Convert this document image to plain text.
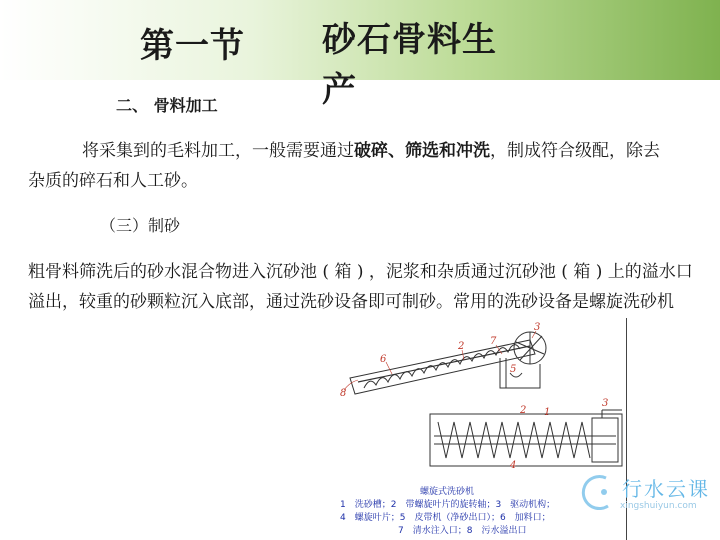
第一节 砂石骨料生产
二、 骨料加工
将采集到的毛料加工，一般需要通过破碎、筛选和冲洗，制成符合级配，除去杂质的碎石和人工砂。
（三）制砂
粗骨料筛洗后的砂水混合物进入沉砂池 ( 箱 ) ，泥浆和杂质通过沉砂池 ( 箱 ) 上的溢水口溢出，较重的砂颗粒沉入底部，通过洗砂设备即可制砂。常用的洗砂设备是螺旋洗砂机
6
2	7
3
5
8
2 1
3
4
螺旋式洗砂机
1　洗砂槽；2　带螺旋叶片的旋转轴；3　驱动机构；
4　螺旋叶片；5　皮带机（净砂出口）；6　加料口；
7　清水注入口；8　污水溢出口
行水云课
xingshuiyun.com
